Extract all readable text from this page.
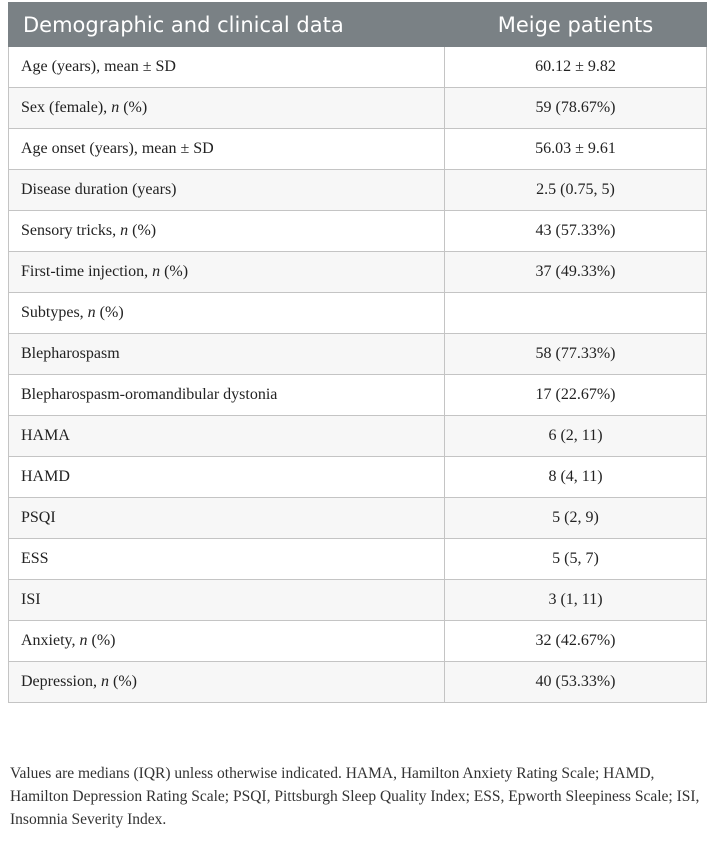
Demographic and clinical data	Meige patients
Age (years), mean ± SD	60.12 ± 9.82
Sex (female), n (%)	59 (78.67%)
Age onset (years), mean ± SD	56.03 ± 9.61
Disease duration (years)	2.5 (0.75, 5)
Sensory tricks, n (%)	43 (57.33%)
First-time injection, n (%)	37 (49.33%)
Subtypes, n (%)	
Blepharospasm	58 (77.33%)
Blepharospasm-oromandibular dystonia	17 (22.67%)
HAMA	6 (2, 11)
HAMD	8 (4, 11)
PSQI	5 (2, 9)
ESS	5 (5, 7)
ISI	3 (1, 11)
Anxiety, n (%)	32 (42.67%)
Depression, n (%)	40 (53.33%)

Values are medians (IQR) unless otherwise indicated. HAMA, Hamilton Anxiety Rating Scale; HAMD, Hamilton Depression Rating Scale; PSQI, Pittsburgh Sleep Quality Index; ESS, Epworth Sleepiness Scale; ISI, Insomnia Severity Index.
